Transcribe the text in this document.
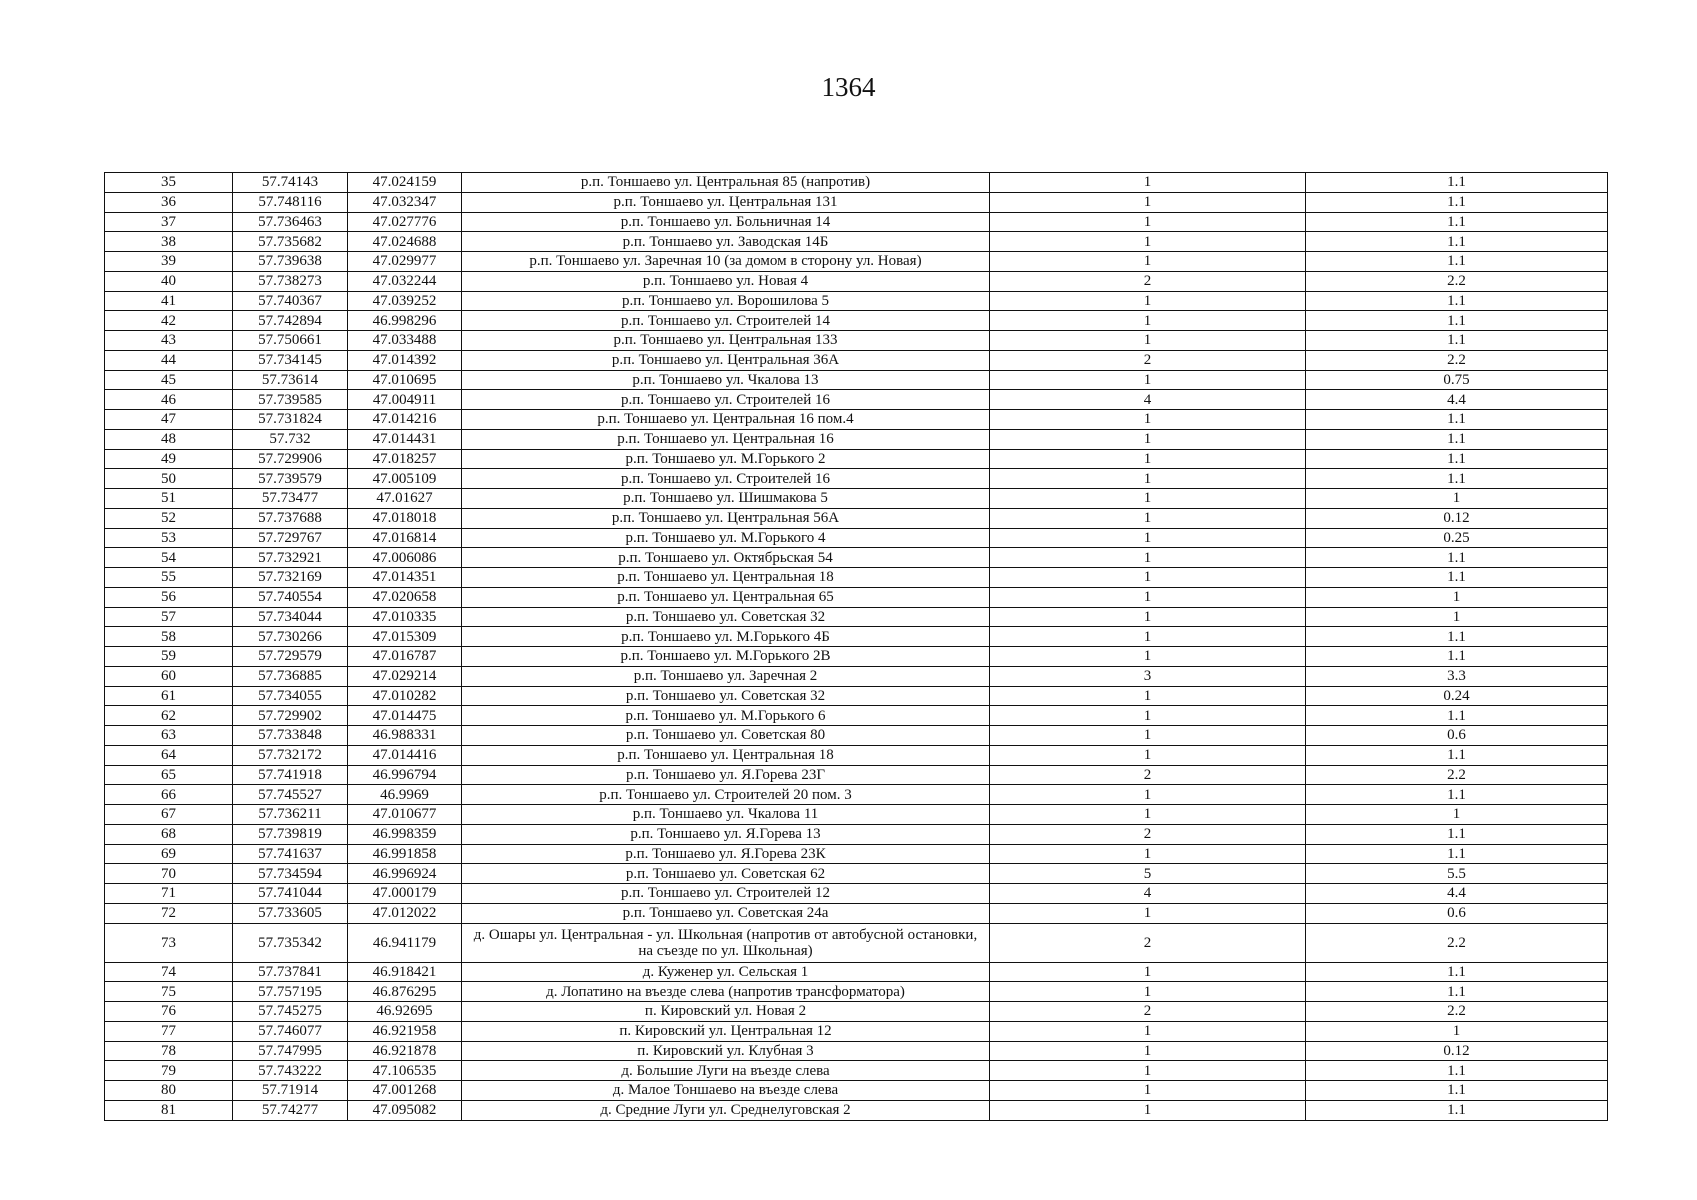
1364
35	57.74143	47.024159	р.п. Тоншаево ул. Центральная 85 (напротив)	1	1.1
36	57.748116	47.032347	р.п. Тоншаево ул. Центральная 131	1	1.1
37	57.736463	47.027776	р.п. Тоншаево ул. Больничная 14	1	1.1
38	57.735682	47.024688	р.п. Тоншаево ул. Заводская 14Б	1	1.1
39	57.739638	47.029977	р.п. Тоншаево ул. Заречная 10 (за домом в сторону ул. Новая)	1	1.1
40	57.738273	47.032244	р.п. Тоншаево ул. Новая 4	2	2.2
41	57.740367	47.039252	р.п. Тоншаево ул. Ворошилова 5	1	1.1
42	57.742894	46.998296	р.п. Тоншаево ул. Строителей 14	1	1.1
43	57.750661	47.033488	р.п. Тоншаево ул. Центральная 133	1	1.1
44	57.734145	47.014392	р.п. Тоншаево ул. Центральная 36А	2	2.2
45	57.73614	47.010695	р.п. Тоншаево ул. Чкалова 13	1	0.75
46	57.739585	47.004911	р.п. Тоншаево ул. Строителей 16	4	4.4
47	57.731824	47.014216	р.п. Тоншаево ул. Центральная 16 пом.4	1	1.1
48	57.732	47.014431	р.п. Тоншаево ул. Центральная 16	1	1.1
49	57.729906	47.018257	р.п. Тоншаево ул. М.Горького 2	1	1.1
50	57.739579	47.005109	р.п. Тоншаево ул. Строителей 16	1	1.1
51	57.73477	47.01627	р.п. Тоншаево ул. Шишмакова 5	1	1
52	57.737688	47.018018	р.п. Тоншаево ул. Центральная 56А	1	0.12
53	57.729767	47.016814	р.п. Тоншаево ул. М.Горького 4	1	0.25
54	57.732921	47.006086	р.п. Тоншаево ул. Октябрьская 54	1	1.1
55	57.732169	47.014351	р.п. Тоншаево ул. Центральная 18	1	1.1
56	57.740554	47.020658	р.п. Тоншаево ул. Центральная 65	1	1
57	57.734044	47.010335	р.п. Тоншаево ул. Советская 32	1	1
58	57.730266	47.015309	р.п. Тоншаево ул. М.Горького 4Б	1	1.1
59	57.729579	47.016787	р.п. Тоншаево ул. М.Горького 2В	1	1.1
60	57.736885	47.029214	р.п. Тоншаево ул. Заречная 2	3	3.3
61	57.734055	47.010282	р.п. Тоншаево ул. Советская 32	1	0.24
62	57.729902	47.014475	р.п. Тоншаево ул. М.Горького 6	1	1.1
63	57.733848	46.988331	р.п. Тоншаево ул. Советская 80	1	0.6
64	57.732172	47.014416	р.п. Тоншаево ул. Центральная 18	1	1.1
65	57.741918	46.996794	р.п. Тоншаево ул. Я.Горева 23Г	2	2.2
66	57.745527	46.9969	р.п. Тоншаево ул. Строителей 20 пом. 3	1	1.1
67	57.736211	47.010677	р.п. Тоншаево ул. Чкалова 11	1	1
68	57.739819	46.998359	р.п. Тоншаево ул. Я.Горева 13	2	1.1
69	57.741637	46.991858	р.п. Тоншаево ул. Я.Горева 23К	1	1.1
70	57.734594	46.996924	р.п. Тоншаево ул. Советская 62	5	5.5
71	57.741044	47.000179	р.п. Тоншаево ул. Строителей 12	4	4.4
72	57.733605	47.012022	р.п. Тоншаево ул. Советская 24а	1	0.6
73	57.735342	46.941179	д. Ошары ул. Центральная - ул. Школьная (напротив от автобусной остановки, на съезде по ул. Школьная)	2	2.2
74	57.737841	46.918421	д. Куженер ул. Сельская 1	1	1.1
75	57.757195	46.876295	д. Лопатино на въезде слева (напротив трансформатора)	1	1.1
76	57.745275	46.92695	п. Кировский ул. Новая 2	2	2.2
77	57.746077	46.921958	п. Кировский ул. Центральная 12	1	1
78	57.747995	46.921878	п. Кировский ул. Клубная 3	1	0.12
79	57.743222	47.106535	д. Большие Луги на въезде слева	1	1.1
80	57.71914	47.001268	д. Малое Тоншаево на въезде слева	1	1.1
81	57.74277	47.095082	д. Средние Луги ул. Среднелуговская 2	1	1.1
